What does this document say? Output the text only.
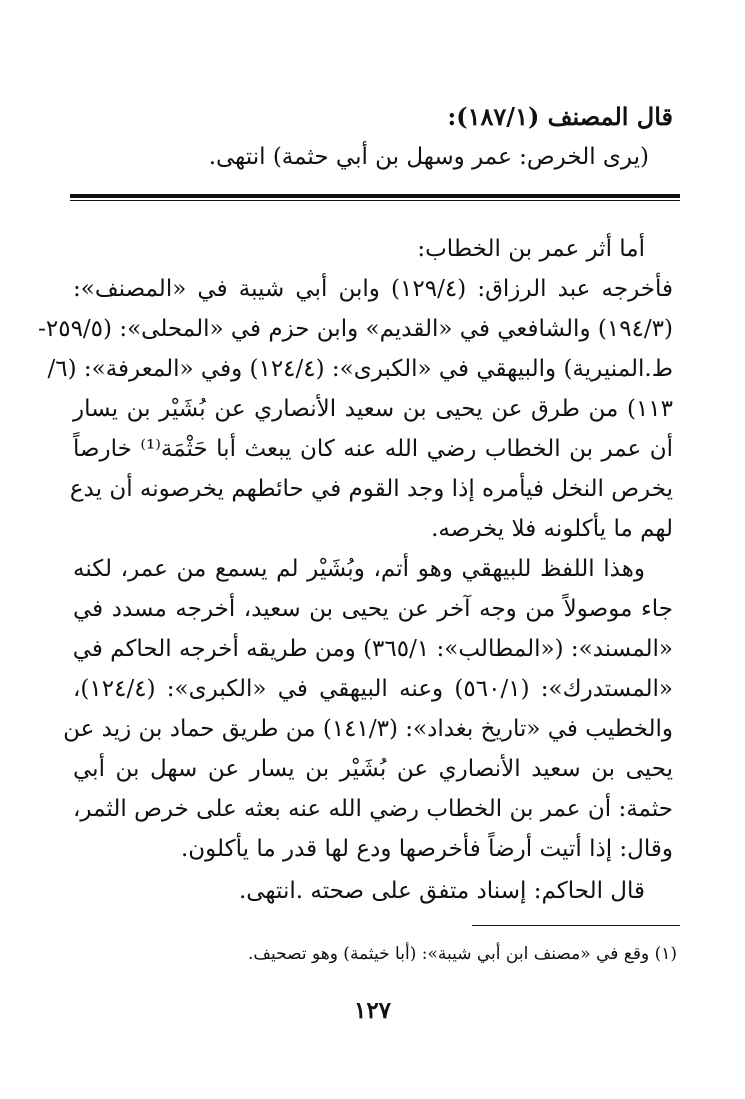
قال المصنف (١٨٧/١):
(يرى الخرص: عمر وسهل بن أبي حثمة) انتهى.
أما أثر عمر بن الخطاب:
فأخرجه عبد الرزاق: (١٢٩/٤) وابن أبي شيبة في «المصنف»:
(١٩٤/٣) والشافعي في «القديم» وابن حزم في «المحلى»: (٢٥٩/٥-
ط.المنيرية) والبيهقي في «الكبرى»: (١٢٤/٤) وفي «المعرفة»: (٦/
١١٣) من طرق عن يحيى بن سعيد الأنصاري عن بُشَيْر بن يسار
أن عمر بن الخطاب رضي الله عنه كان يبعث أبا حَثْمَة⁽¹⁾ خارصاً
يخرص النخل فيأمره إذا وجد القوم في حائطهم يخرصونه أن يدع
لهم ما يأكلونه فلا يخرصه.
وهذا اللفظ للبيهقي وهو أتم، وبُشَيْر لم يسمع من عمر، لكنه
جاء موصولاً من وجه آخر عن يحيى بن سعيد، أخرجه مسدد في
«المسند»: («المطالب»: ٣٦٥/١) ومن طريقه أخرجه الحاكم في
«المستدرك»: (٥٦٠/١) وعنه البيهقي في «الكبرى»: (١٢٤/٤)،
والخطيب في «تاريخ بغداد»: (١٤١/٣) من طريق حماد بن زيد عن
يحيى بن سعيد الأنصاري عن بُشَيْر بن يسار عن سهل بن أبي
حثمة: أن عمر بن الخطاب رضي الله عنه بعثه على خرص الثمر،
وقال: إذا أتيت أرضاً فأخرصها ودع لها قدر ما يأكلون.
قال الحاكم: إسناد متفق على صحته .انتهى.
(١) وقع في «مصنف ابن أبي شيبة»: (أبا خيثمة) وهو تصحيف.
١٢٧
